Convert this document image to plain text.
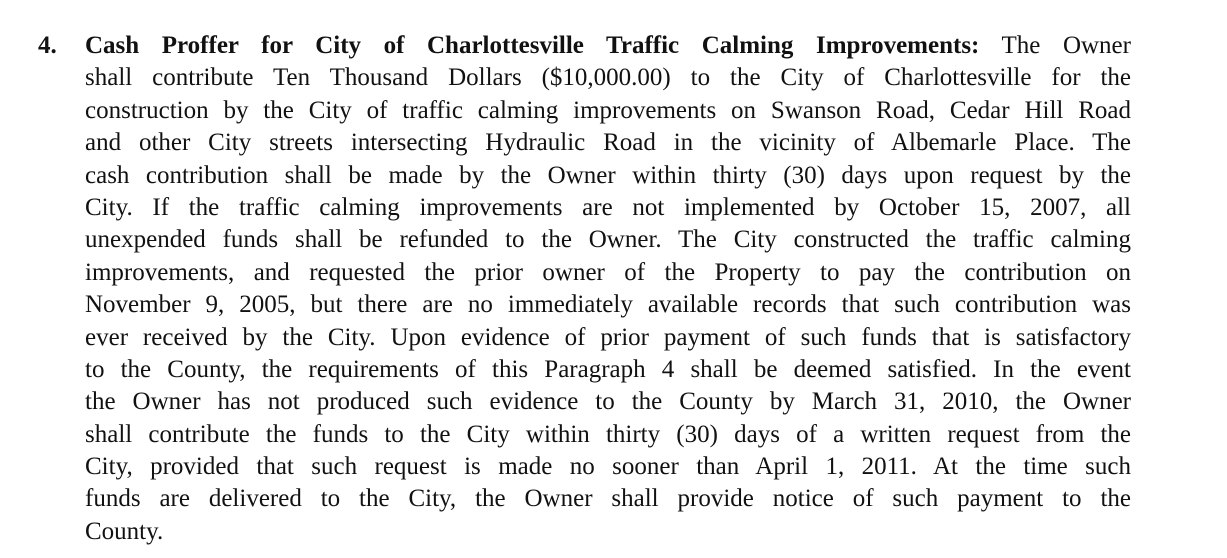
4. Cash Proffer for City of Charlottesville Traffic Calming Improvements: The Owner
shall contribute Ten Thousand Dollars ($10,000.00) to the City of Charlottesville for the
construction by the City of traffic calming improvements on Swanson Road, Cedar Hill Road
and other City streets intersecting Hydraulic Road in the vicinity of Albemarle Place. The
cash contribution shall be made by the Owner within thirty (30) days upon request by the
City. If the traffic calming improvements are not implemented by October 15, 2007, all
unexpended funds shall be refunded to the Owner. The City constructed the traffic calming
improvements, and requested the prior owner of the Property to pay the contribution on
November 9, 2005, but there are no immediately available records that such contribution was
ever received by the City. Upon evidence of prior payment of such funds that is satisfactory
to the County, the requirements of this Paragraph 4 shall be deemed satisfied. In the event
the Owner has not produced such evidence to the County by March 31, 2010, the Owner
shall contribute the funds to the City within thirty (30) days of a written request from the
City, provided that such request is made no sooner than April 1, 2011. At the time such
funds are delivered to the City, the Owner shall provide notice of such payment to the
County.
